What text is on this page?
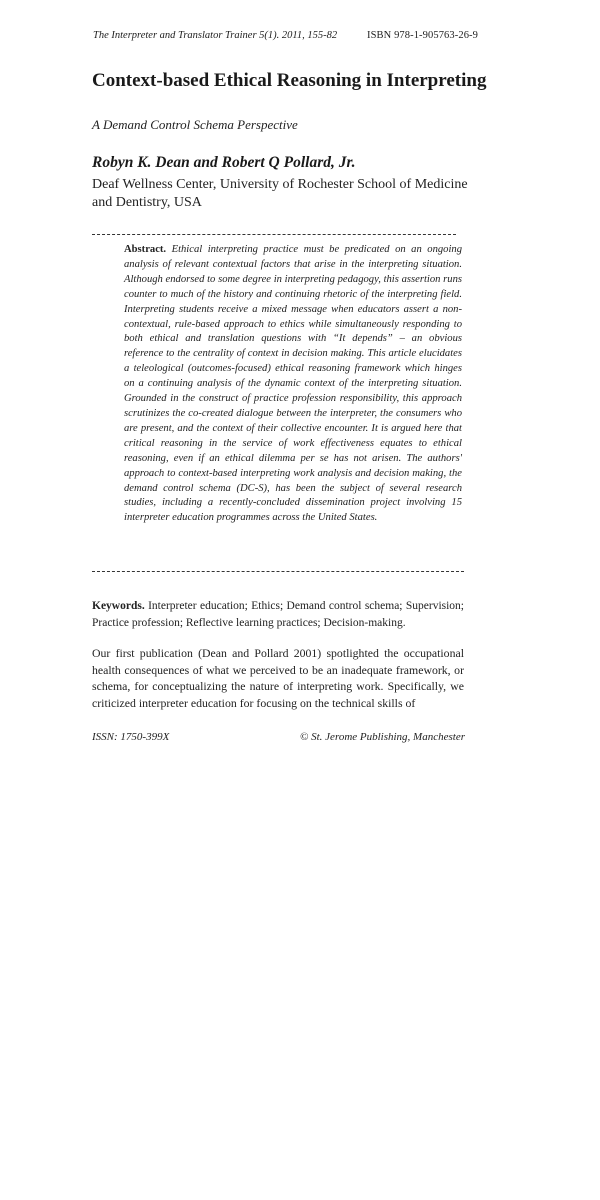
The Interpreter and Translator Trainer 5(1). 2011, 155-82	ISBN 978-1-905763-26-9
Context-based Ethical Reasoning in Interpreting
A Demand Control Schema Perspective
Robyn K. Dean and Robert Q Pollard, Jr.
Deaf Wellness Center, University of Rochester School of Medicine and Dentistry, USA
Abstract. Ethical interpreting practice must be predicated on an ongoing analysis of relevant contextual factors that arise in the interpreting situation. Although endorsed to some degree in interpreting pedagogy, this assertion runs counter to much of the history and continuing rhetoric of the interpreting field. Interpreting students receive a mixed message when educators assert a non-contextual, rule-based approach to ethics while simultaneously responding to both ethical and translation questions with “It depends” – an obvious reference to the centrality of context in decision making. This article elucidates a teleological (outcomes-focused) ethical reasoning framework which hinges on a continuing analysis of the dynamic context of the interpreting situation. Grounded in the construct of practice profession responsibility, this approach scrutinizes the co-created dialogue between the interpreter, the consumers who are present, and the context of their collective encounter. It is argued here that critical reasoning in the service of work effectiveness equates to ethical reasoning, even if an ethical dilemma per se has not arisen. The authors' approach to context-based interpreting work analysis and decision making, the demand control schema (DC-S), has been the subject of several research studies, including a recently-concluded dissemination project involving 15 interpreter education programmes across the United States.
Keywords. Interpreter education; Ethics; Demand control schema; Supervision; Practice profession; Reflective learning practices; Decision-making.
Our first publication (Dean and Pollard 2001) spotlighted the occupational health consequences of what we perceived to be an inadequate framework, or schema, for conceptualizing the nature of interpreting work. Specifically, we criticized interpreter education for focusing on the technical skills of
ISSN: 1750-399X	© St. Jerome Publishing, Manchester
